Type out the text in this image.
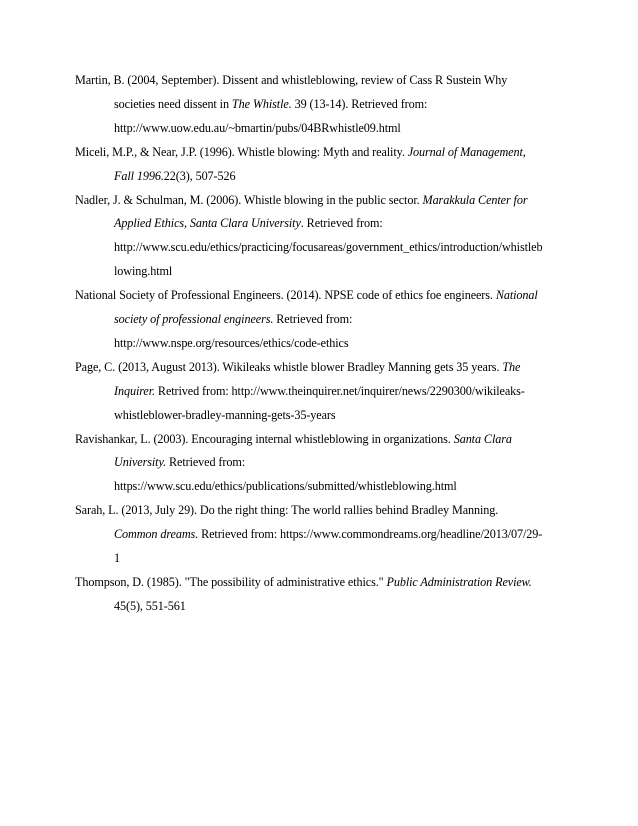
Martin, B. (2004, September). Dissent and whistleblowing, review of Cass R Sustein Why
societies need dissent in The Whistle. 39 (13-14). Retrieved from:
http://www.uow.edu.au/~bmartin/pubs/04BRwhistle09.html
Miceli, M.P., & Near, J.P. (1996). Whistle blowing: Myth and reality. Journal of Management,
Fall 1996.22(3), 507-526
Nadler, J. & Schulman, M. (2006). Whistle blowing in the public sector. Marakkula Center for
Applied Ethics, Santa Clara University. Retrieved from:
http://www.scu.edu/ethics/practicing/focusareas/government_ethics/introduction/whistleb
lowing.html
National Society of Professional Engineers. (2014). NPSE code of ethics foe engineers. National
society of professional engineers. Retrieved from:
http://www.nspe.org/resources/ethics/code-ethics
Page, C. (2013, August 2013). Wikileaks whistle blower Bradley Manning gets 35 years. The
Inquirer. Retrived from: http://www.theinquirer.net/inquirer/news/2290300/wikileaks-
whistleblower-bradley-manning-gets-35-years
Ravishankar, L. (2003). Encouraging internal whistleblowing in organizations. Santa Clara
University. Retrieved from:
https://www.scu.edu/ethics/publications/submitted/whistleblowing.html
Sarah, L. (2013, July 29). Do the right thing: The world rallies behind Bradley Manning.
Common dreams. Retrieved from: https://www.commondreams.org/headline/2013/07/29-
1
Thompson, D. (1985). "The possibility of administrative ethics." Public Administration Review.
45(5), 551-561
